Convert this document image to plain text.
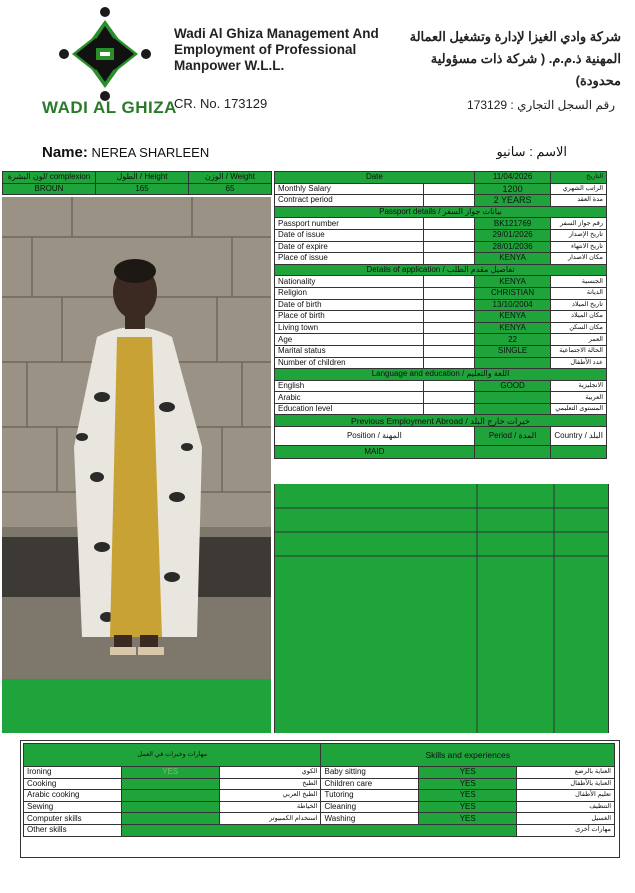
WADI AL GHIZA
Wadi Al Ghiza Management And Employment of Professional Manpower W.L.L.
CR. No. 173129
شركة وادي الغيزا لإدارة وتشغيل العمالة المهنية ذ.م.م. ( شركة ذات مسؤولية محدودة)
رقم السجل التجاري : 173129
Name: NEREA SHARLEEN	الاسم : سانيو
complexion /لون البشرة	Height / الطول	Weight / الوزن
BROUN	165	65
Date		11/04/2026	التاريخ
Monthly Salary		1200	الراتب الشهري
Contract period		2 YEARS	مدة العقد
Passport details / بيانات جواز السفر			
Passport number		BK121769	رقم جواز السفر
Date of issue		29/01/2026	تاريخ الإصدار
Date of expire		28/01/2036	تاريخ الانتهاء
Place of issue		KENYA	مكان الاصدار
Details of application / تفاصيل مقدم الطلب			
Nationality		KENYA	الجنسية
Religion		CHRISTIAN	الديانة
Date of birth		13/10/2004	تاريخ الميلاد
Place of birth		KENYA	مكان الميلاد
Living town		KENYA	مكان السكن
Age		22	العمر
Marital status		SINGLE	الحالة الاجتماعية
Number of children			عدد الأطفال
Language and education / اللغة والتعليم			
English		GOOD	الانجليزية
Arabic			العربية
Education level			المستوى التعليمي
Previous Employment Abroad / خبرات خارج البلد			
Position / المهنة		Period / المدة	Country / البلد
MAID			
مهارات وخبرات في العمل			Skills and experiences		
Ironing	YES	الكوي	Baby sitting	YES	العناية بالرضع
Cooking		الطبخ	Children care	YES	العناية بالأطفال
Arabic cooking		الطبخ العربي	Tutoring	YES	تعليم الأطفال
Sewing		الخياطة	Cleaning	YES	التنظيف
Computer skills		استخدام الكمبيوتر	Washing	YES	الغسيل
Other skills					مهارات أخرى
